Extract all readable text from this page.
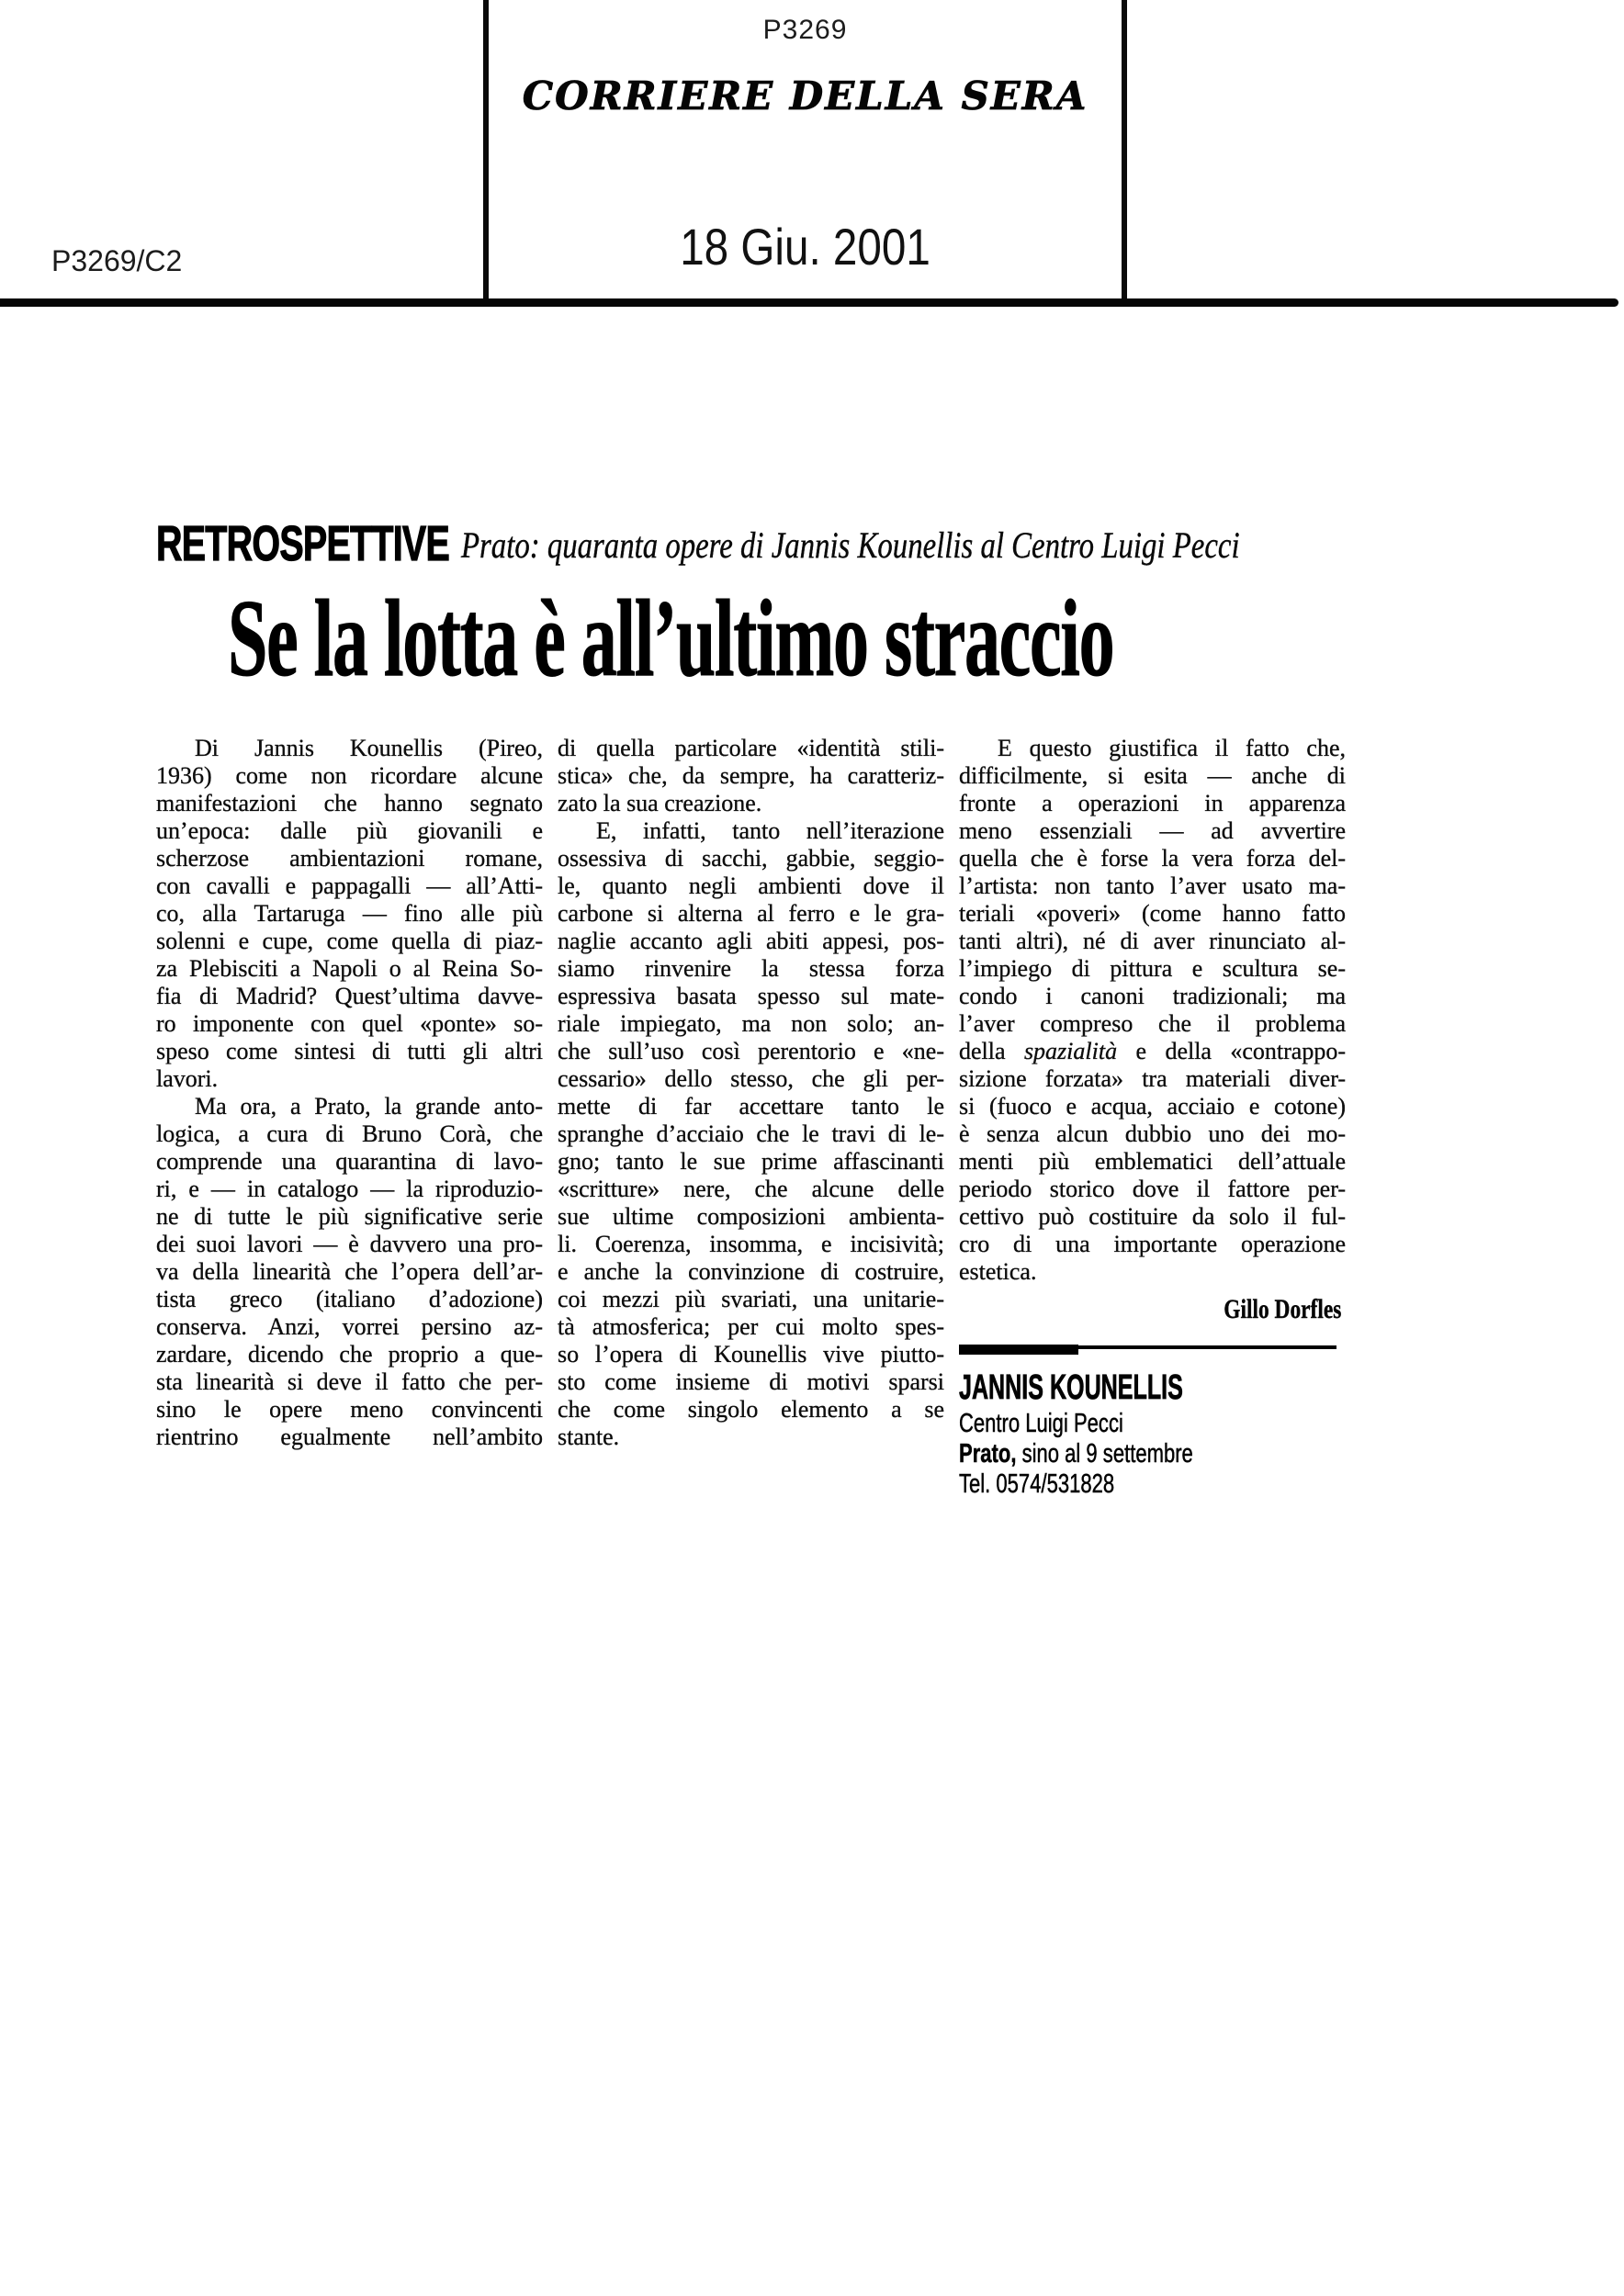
P3269
CORRIERE DELLA SERA
18 Giu. 2001
P3269/C2
RETROSPETTIVE Prato: quaranta opere di Jannis Kounellis al Centro Luigi Pecci
Se la lotta è all’ultimo straccio
Di Jannis Kounellis (Pireo,
1936) come non ricordare alcune
manifestazioni che hanno segnato
un’epoca: dalle più giovanili e
scherzose ambientazioni romane,
con cavalli e pappagalli — all’Atti-
co, alla Tartaruga — fino alle più
solenni e cupe, come quella di piaz-
za Plebisciti a Napoli o al Reina So-
fia di Madrid? Quest’ultima davve-
ro imponente con quel «ponte» so-
speso come sintesi di tutti gli altri
lavori.
Ma ora, a Prato, la grande anto-
logica, a cura di Bruno Corà, che
comprende una quarantina di lavo-
ri, e — in catalogo — la riproduzio-
ne di tutte le più significative serie
dei suoi lavori — è davvero una pro-
va della linearità che l’opera dell’ar-
tista greco (italiano d’adozione)
conserva. Anzi, vorrei persino az-
zardare, dicendo che proprio a que-
sta linearità si deve il fatto che per-
sino le opere meno convincenti
rientrino egualmente nell’ambito
di quella particolare «identità stili-
stica» che, da sempre, ha caratteriz-
zato la sua creazione.
E, infatti, tanto nell’iterazione
ossessiva di sacchi, gabbie, seggio-
le, quanto negli ambienti dove il
carbone si alterna al ferro e le gra-
naglie accanto agli abiti appesi, pos-
siamo rinvenire la stessa forza
espressiva basata spesso sul mate-
riale impiegato, ma non solo; an-
che sull’uso così perentorio e «ne-
cessario» dello stesso, che gli per-
mette di far accettare tanto le
spranghe d’acciaio che le travi di le-
gno; tanto le sue prime affascinanti
«scritture» nere, che alcune delle
sue ultime composizioni ambienta-
li. Coerenza, insomma, e incisività;
e anche la convinzione di costruire,
coi mezzi più svariati, una unitarie-
tà atmosferica; per cui molto spes-
so l’opera di Kounellis vive piutto-
sto come insieme di motivi sparsi
che come singolo elemento a se
stante.
E questo giustifica il fatto che,
difficilmente, si esita — anche di
fronte a operazioni in apparenza
meno essenziali — ad avvertire
quella che è forse la vera forza del-
l’artista: non tanto l’aver usato ma-
teriali «poveri» (come hanno fatto
tanti altri), né di aver rinunciato al-
l’impiego di pittura e scultura se-
condo i canoni tradizionali; ma
l’aver compreso che il problema
della spazialità e della «contrappo-
sizione forzata» tra materiali diver-
si (fuoco e acqua, acciaio e cotone)
è senza alcun dubbio uno dei mo-
menti più emblematici dell’attuale
periodo storico dove il fattore per-
cettivo può costituire da solo il ful-
cro di una importante operazione
estetica.
Gillo Dorfles
JANNIS KOUNELLIS
Centro Luigi Pecci
Prato, sino al 9 settembre
Tel. 0574/531828
